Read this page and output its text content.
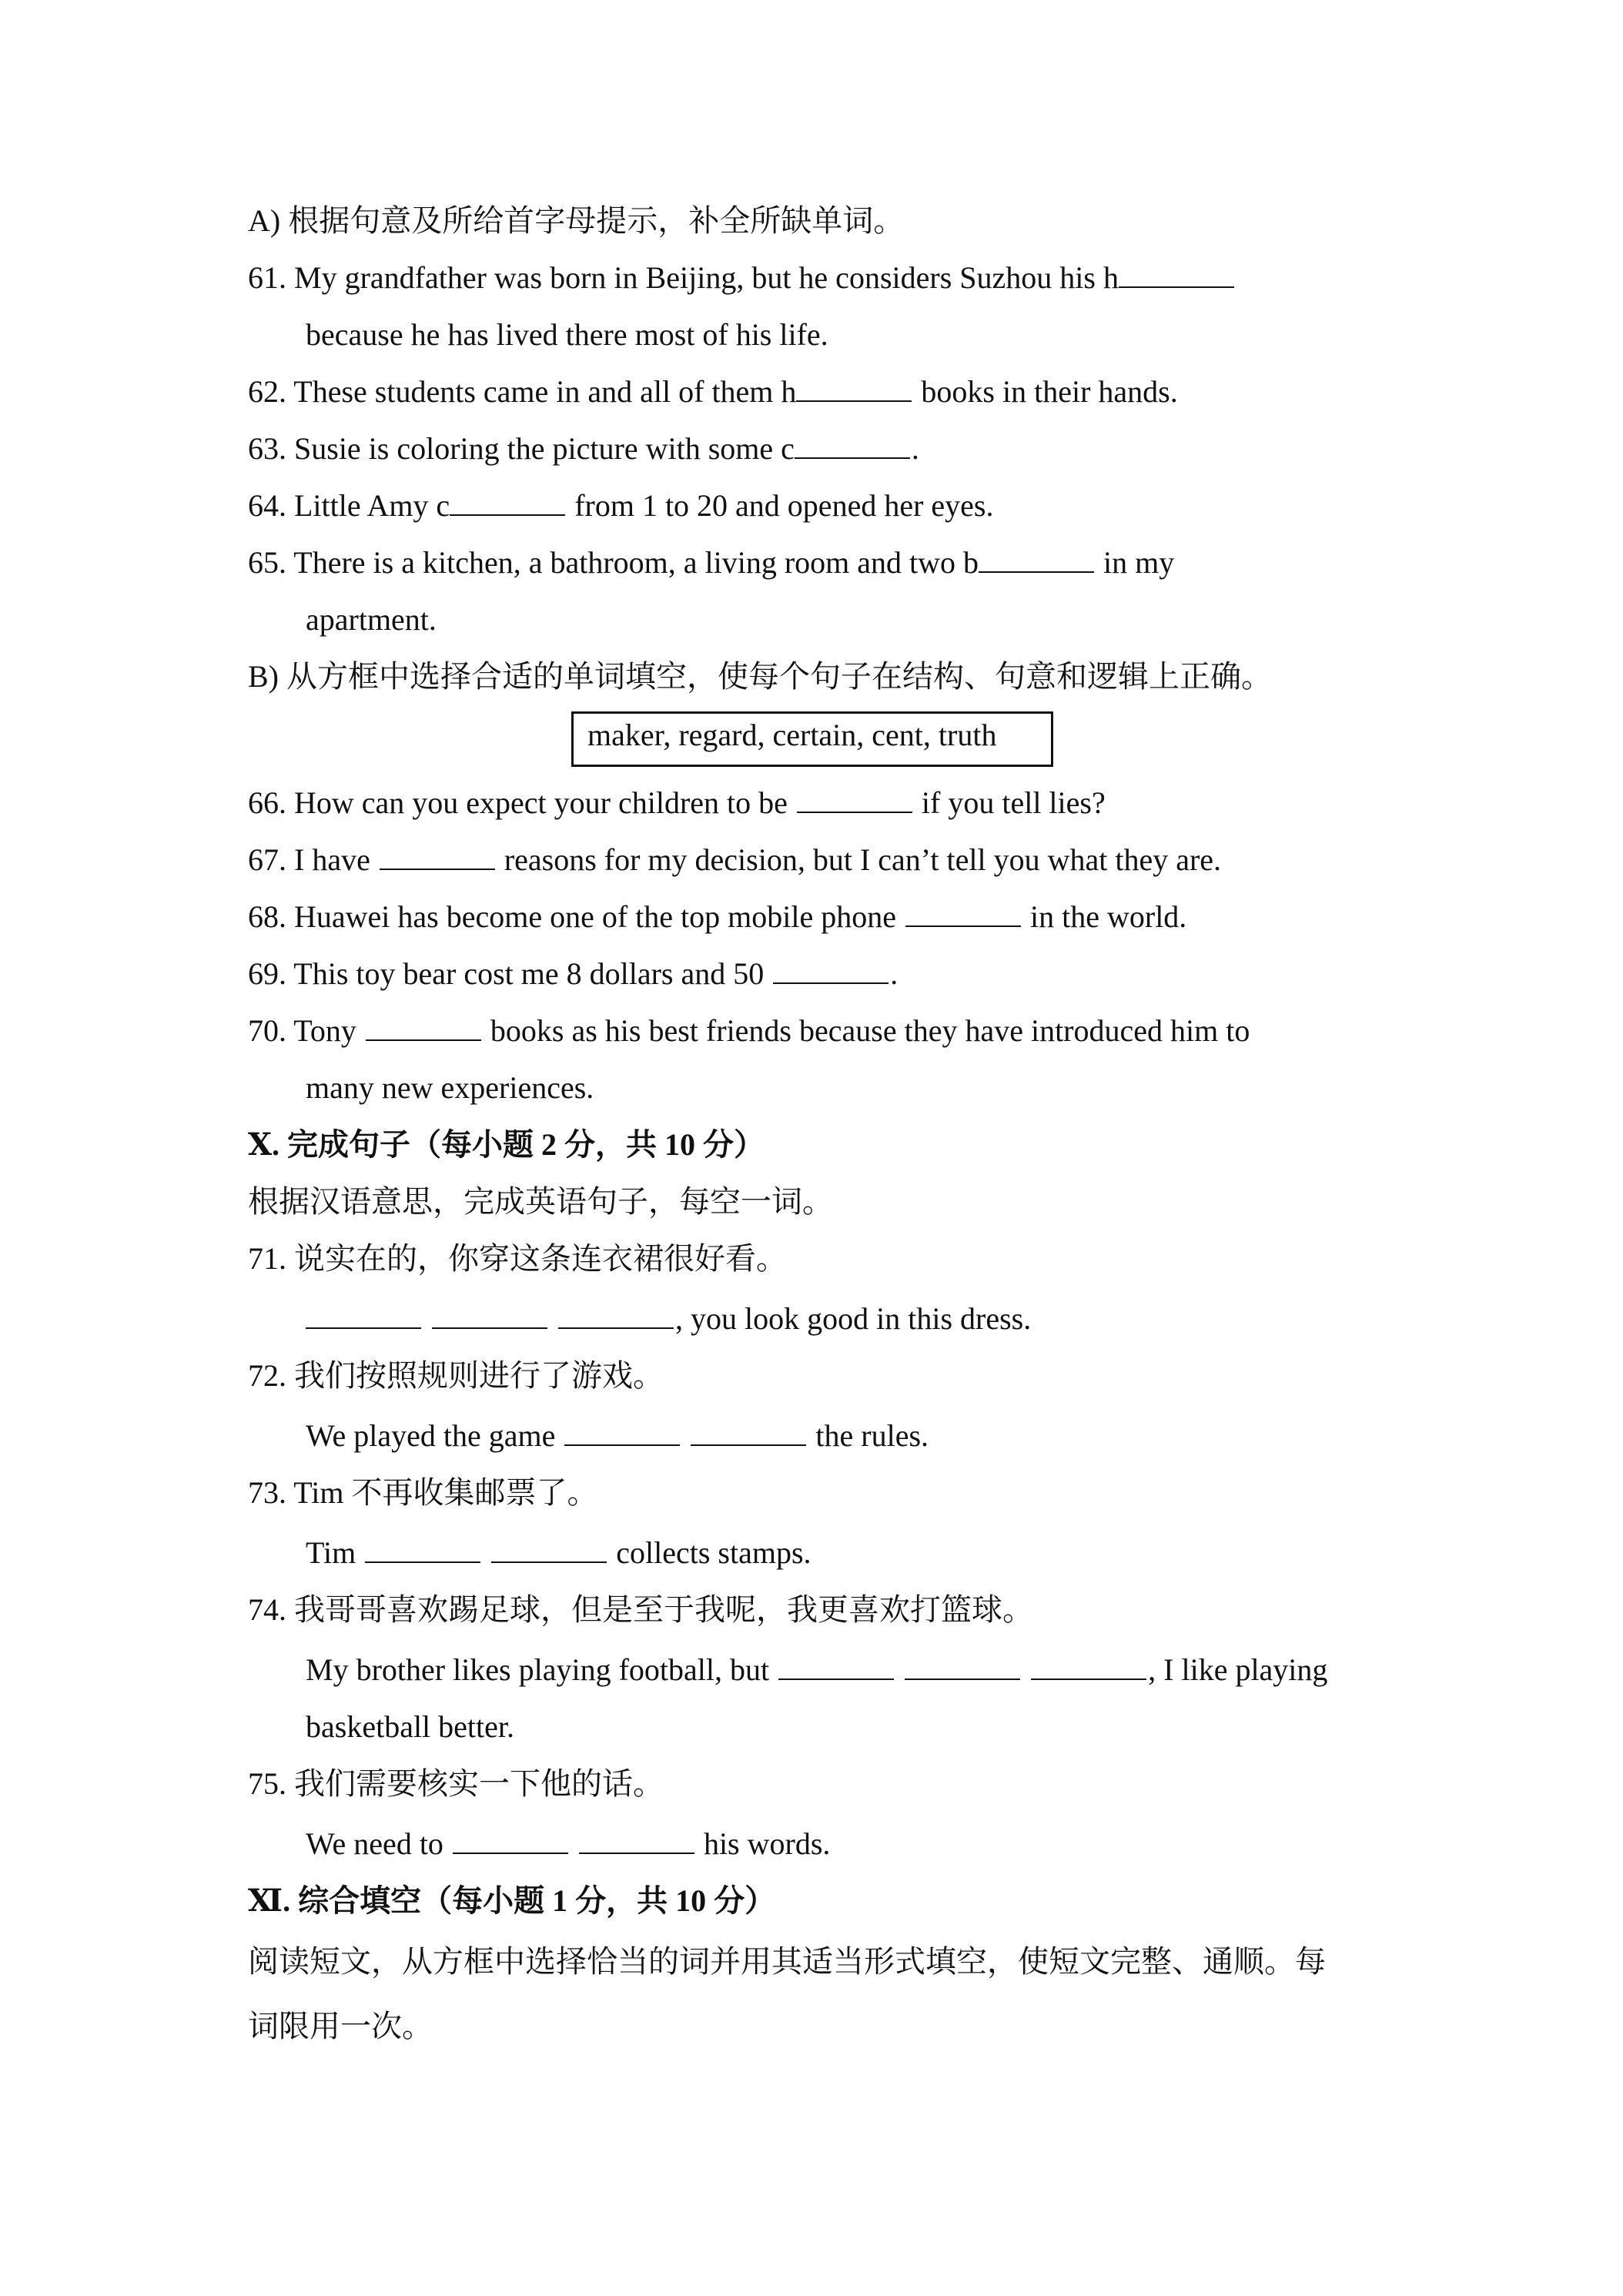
A) 根据句意及所给首字母提示，补全所缺单词。
61. My grandfather was born in Beijing, but he considers Suzhou his h
because he has lived there most of his life.
62. These students came in and all of them h	books in their hands.
63. Susie is coloring the picture with some c	.
64. Little Amy c	from 1 to 20 and opened her eyes.
65. There is a kitchen, a bathroom, a living room and two b	in my
apartment.
B) 从方框中选择合适的单词填空，使每个句子在结构、句意和逻辑上正确。
maker, regard, certain, cent, truth
66. How can you expect your children to be	if you tell lies?
67. I have	reasons for my decision, but I can’t tell you what they are.
68. Huawei has become one of the top mobile phone	in the world.
69. This toy bear cost me 8 dollars and 50	.
70. Tony	books as his best friends because they have introduced him to
many new experiences.
Ⅹ. 完成句子（每小题 2 分，共 10 分）
根据汉语意思，完成英语句子，每空一词。
71. 说实在的，你穿这条连衣裙很好看。
, you look good in this dress.
72. 我们按照规则进行了游戏。
We played the game	the rules.
73. Tim 不再收集邮票了。
Tim	collects stamps.
74. 我哥哥喜欢踢足球，但是至于我呢，我更喜欢打篮球。
My brother likes playing football, but	, I like playing
basketball better.
75. 我们需要核实一下他的话。
We need to	his words.
Ⅺ. 综合填空（每小题 1 分，共 10 分）
阅读短文，从方框中选择恰当的词并用其适当形式填空，使短文完整、通顺。每
词限用一次。
